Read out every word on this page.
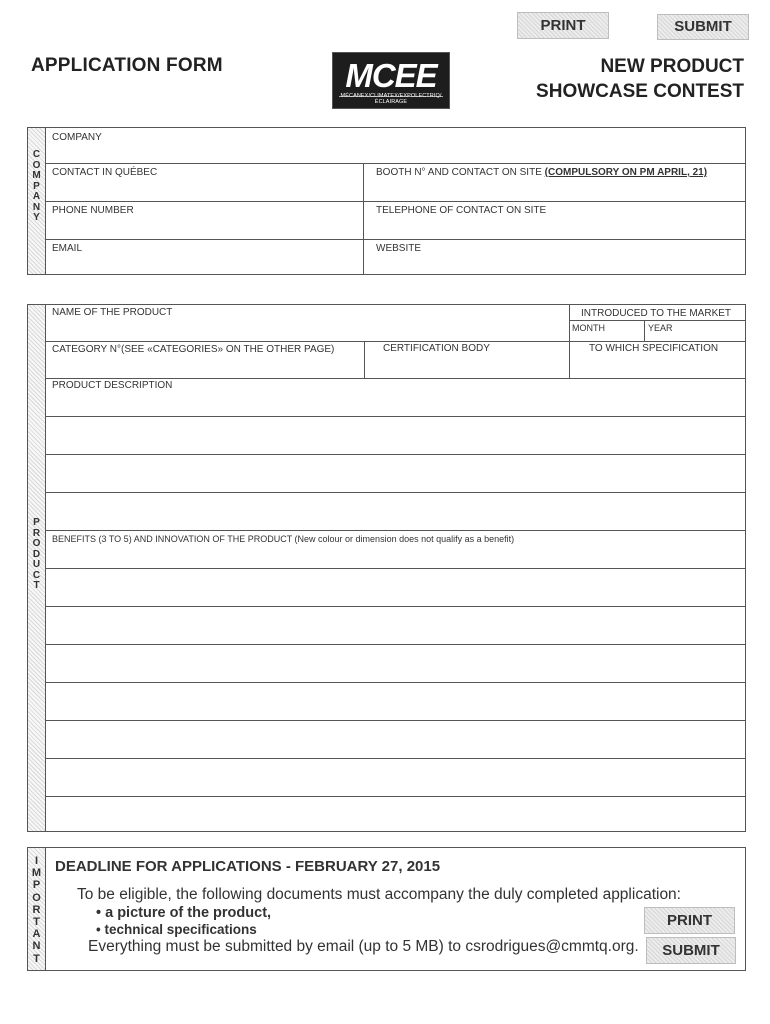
PRINT	SUBMIT
APPLICATION FORM	MCEE
MÉCANEX/CLIMATEX/EXPOLECTRIQ/ÉCLAIRAGE
NEW PRODUCT
SHOWCASE CONTEST
C
O
M
P
A
N
Y
COMPANY
CONTACT IN QUÉBEC	BOOTH N° AND CONTACT ON SITE (COMPULSORY ON PM APRIL, 21)
PHONE NUMBER	TELEPHONE OF CONTACT ON SITE
EMAIL	WEBSITE
P
R
O
D
U
C
T
NAME OF THE PRODUCT	INTRODUCED TO THE MARKET
MONTH	YEAR
CATEGORY N°(SEE «CATEGORIES» ON THE OTHER PAGE)	CERTIFICATION BODY	TO WHICH SPECIFICATION
PRODUCT DESCRIPTION
BENEFITS (3 TO 5) AND INNOVATION OF THE PRODUCT (New colour or dimension does not qualify as a benefit)
I
M
P
O
R
T
A
N
T
DEADLINE FOR APPLICATIONS - FEBRUARY 27, 2015
To be eligible, the following documents must accompany the duly completed application:
• a picture of the product,
• technical specifications
Everything must be submitted by email (up to 5 MB) to csrodrigues@cmmtq.org.
PRINT
SUBMIT
